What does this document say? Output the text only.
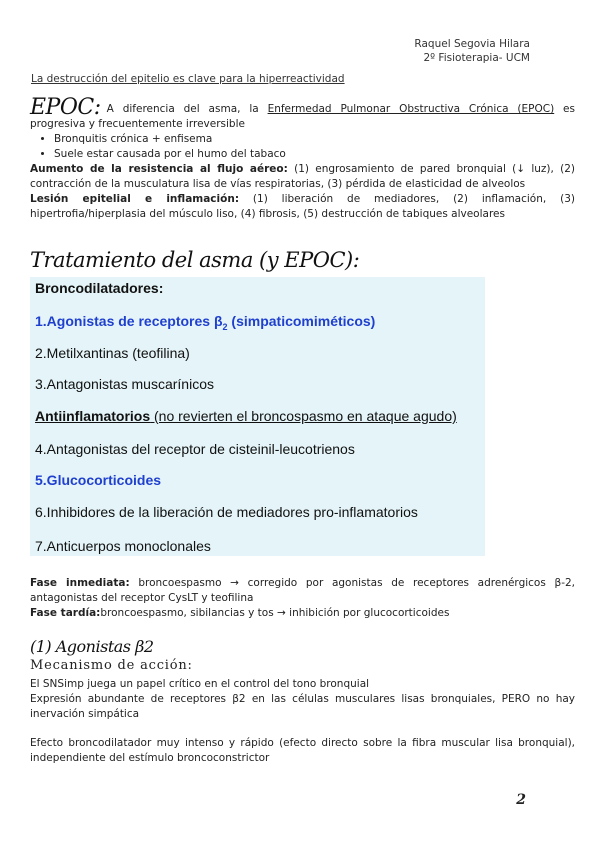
Raquel Segovia Hilara
2º Fisioterapia- UCM
La destrucción del epitelio es clave para la hiperreactividad
EPOC: A diferencia del asma, la Enfermedad Pulmonar Obstructiva Crónica (EPOC) es progresiva y frecuentemente irreversible
• Bronquitis crónica + enfisema
• Suele estar causada por el humo del tabaco
Aumento de la resistencia al flujo aéreo: (1) engrosamiento de pared bronquial (↓ luz), (2) contracción de la musculatura lisa de vías respiratorias, (3) pérdida de elasticidad de alveolos
Lesión epitelial e inflamación: (1) liberación de mediadores, (2) inflamación, (3) hipertrofia/hiperplasia del músculo liso, (4) fibrosis, (5) destrucción de tabiques alveolares
Tratamiento del asma (y EPOC):
Broncodilatadores:
1.Agonistas de receptores $\beta_2$ (simpaticomiméticos)
2.Metilxantinas (teofilina)
3.Antagonistas muscarínicos
Antiinflamatorios (no revierten el broncospasmo en ataque agudo)
4.Antagonistas del receptor de cisteinil-leucotrienos
5.Glucocorticoides
6.Inhibidores de la liberación de mediadores pro-inflamatorios
7.Anticuerpos monoclonales
Fase inmediata: broncoespasmo → corregido por agonistas de receptores adrenérgicos β-2, antagonistas del receptor CysLT y teofilina
Fase tardía:broncoespasmo, sibilancias y tos → inhibición por glucocorticoides
(1) Agonistas β2
Mecanismo de acción:

El SNSimp juega un papel crítico en el control del tono bronquial

Expresión abundante de receptores β2 en las células musculares lisas bronquiales, PERO no hay inervación simpática

Efecto broncodilatador muy intenso y rápido (efecto directo sobre la fibra muscular lisa bronquial), independiente del estímulo broncoconstrictor

2
